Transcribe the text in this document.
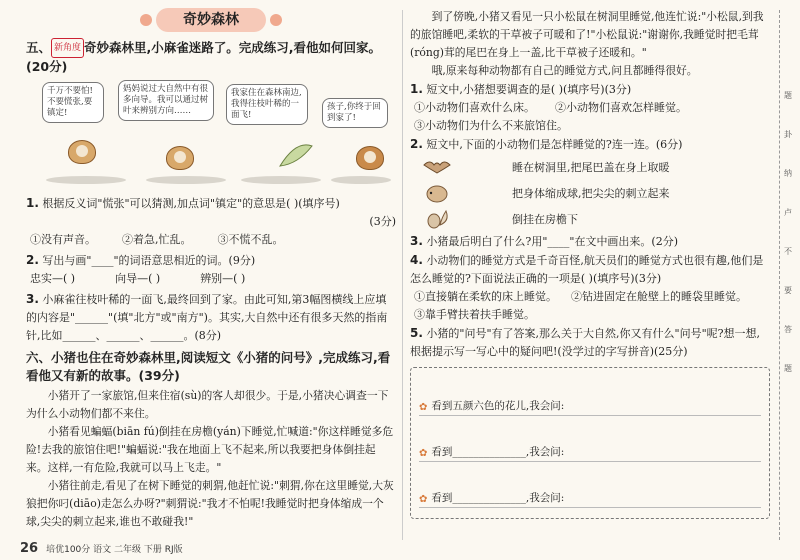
奇妙森林
五、 新角度 奇妙森林里,小麻雀迷路了。完成练习,看他如何回家。(20分)
千万不要怕!不要慌张,要镇定!
妈妈说过大自然中有很多向导。我可以通过树叶来辨别方向……
我家住在森林南边,我得往枝叶稀的一面飞!
孩子,你终于回到家了!
1. 根据反义词"慌张"可以猜测,加点词"镇定"的意思是( )(填序号)
(3分)
①没有声音。 ②着急,忙乱。 ③不慌不乱。
2. 写出与画"____"的词语意思相近的词。(9分)
忠实—( )	向导—( )	辨别—( )
3. 小麻雀往枝叶稀的一面飞,最终回到了家。由此可知,第3幅图横线上应填的内容是"______"(填"北方"或"南方")。其实,大自然中还有很多天然的指南针,比如______、______、______。(8分)
六、小猪也住在奇妙森林里,阅读短文《小猪的问号》,完成练习,看看他又有新的故事。(39分)

小猪开了一家旅馆,但来住宿(sù)的客人却很少。于是,小猪决心调查一下为什么小动物们都不来住。

小猪看见蝙蝠(biān fú)倒挂在房檐(yán)下睡觉,忙喊道:"你这样睡觉多危险!去我的旅馆住吧!"蝙蝠说:"我在地面上飞不起来,所以我要把身体倒挂起来。这样,一有危险,我就可以马上飞走。"

小猪往前走,看见了在树下睡觉的刺猬,他赶忙说:"刺猬,你在这里睡觉,大灰狼把你叼(diāo)走怎么办呀?"刺猬说:"我才不怕呢!我睡觉时把身体缩成一个球,尖尖的刺立起来,谁也不敢碰我!"

到了傍晚,小猪又看见一只小松鼠在树洞里睡觉,他连忙说:"小松鼠,到我的旅馆睡吧,柔软的干草被子可暖和了!"小松鼠说:"谢谢你,我睡觉时把毛茸(róng)茸的尾巴在身上一盖,比干草被子还暖和。"

哦,原来每种动物都有自己的睡觉方式,问且都睡得很好。

1. 短文中,小猪想要调查的是( )(填序号)(3分)
①小动物们喜欢什么床。 ②小动物们喜欢怎样睡觉。
③小动物们为什么不来旅馆住。
2. 短文中,下面的小动物们是怎样睡觉的?连一连。(6分)
睡在树洞里,把尾巴盖在身上取暖
把身体缩成球,把尖尖的刺立起来
倒挂在房檐下
3. 小猪最后明白了什么?用"____"在文中画出来。(2分)
4. 小动物们的睡觉方式是千奇百怪,航天员们的睡觉方式也很有趣,他们是怎么睡觉的?下面说法正确的一项是( )(填序号)(3分)
①直接躺在柔软的床上睡觉。 ②钻进固定在舱壁上的睡袋里睡觉。
③靠手臂扶着扶手睡觉。
5. 小猪的"问号"有了答案,那么关于大自然,你又有什么"问号"呢?想一想,根据提示写一写心中的疑问吧!(没学过的字写拼音)(25分)
✿ 看到五颜六色的花儿,我会问:
✿ 看到______________,我会问:
✿ 看到______________,我会问:
题
卦
纳
卢
不
要
答
题
26 培优100分 语文 二年级 下册 RJ版
